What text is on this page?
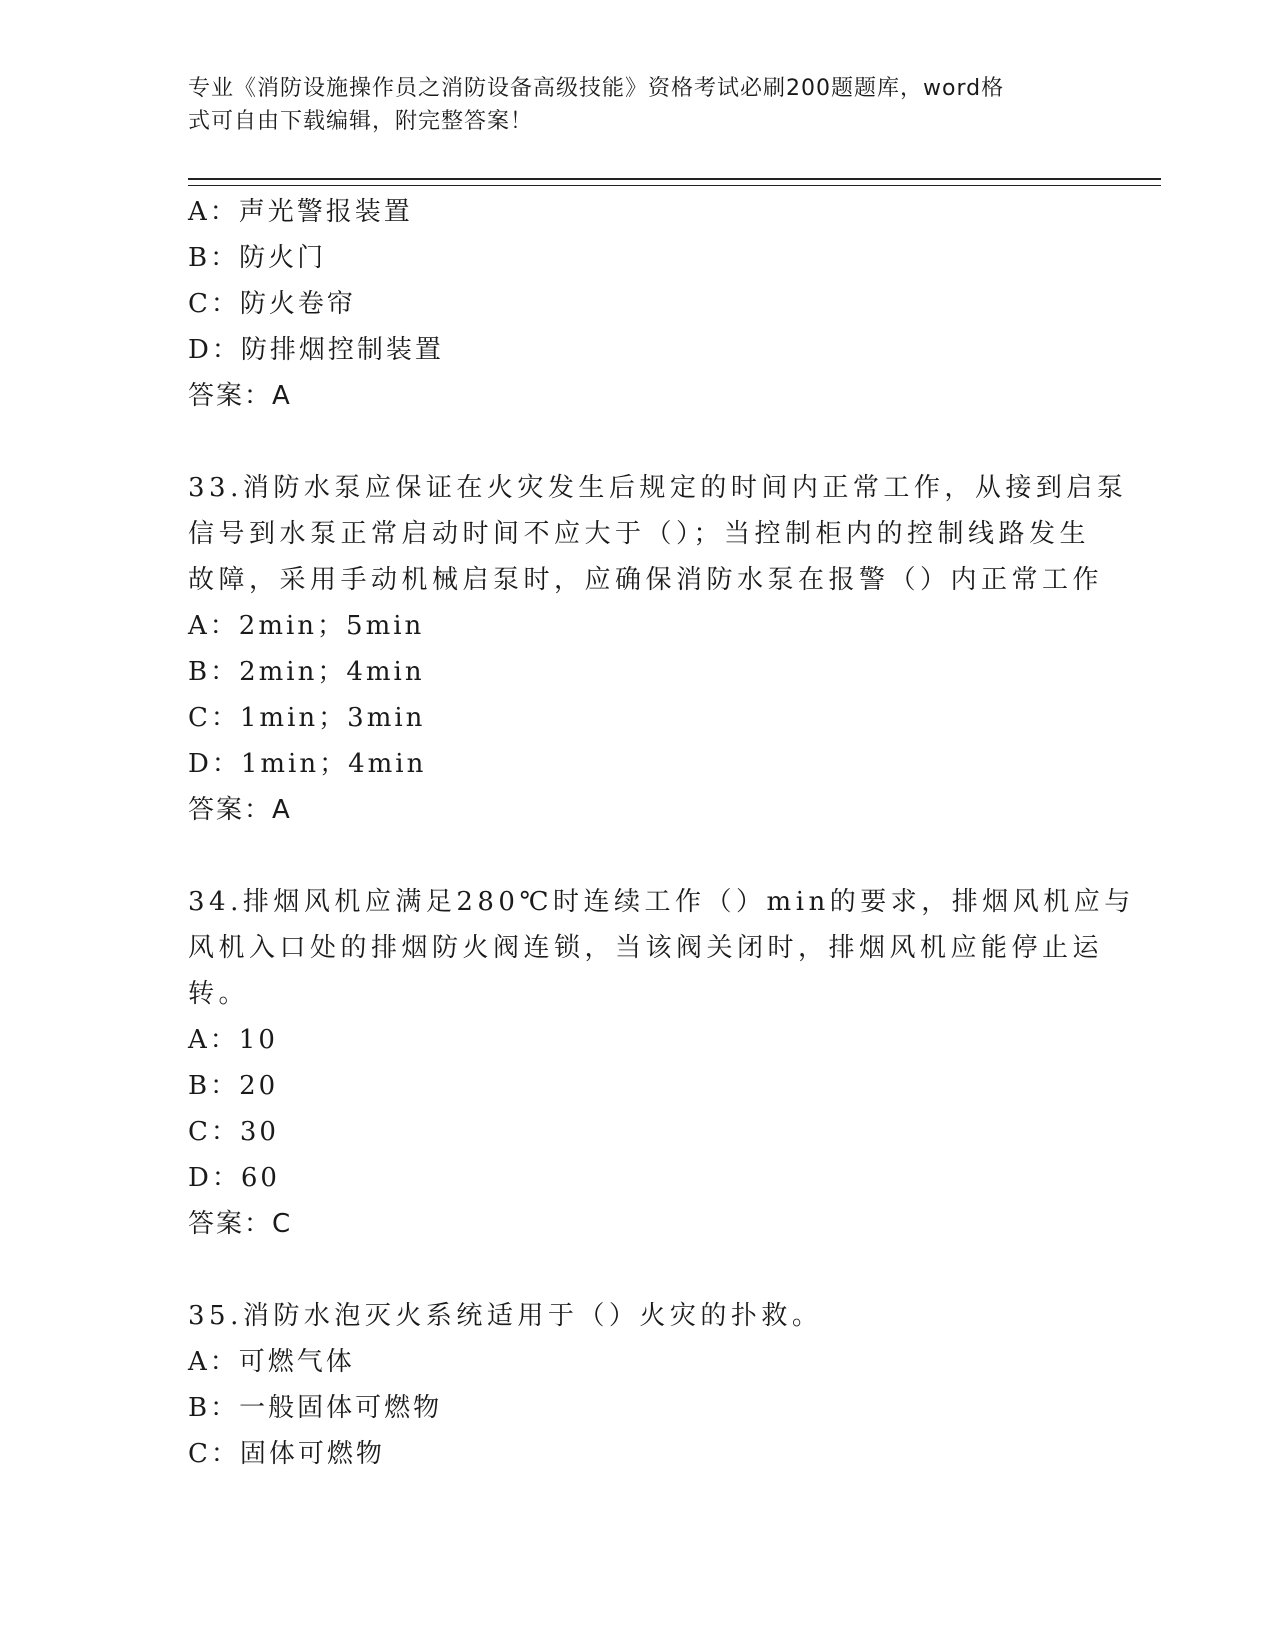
专业《消防设施操作员之消防设备高级技能》资格考试必刷200题题库，word格
式可自由下载编辑，附完整答案！
A：声光警报装置
B：防火门
C：防火卷帘
D：防排烟控制装置
答案：A
33.消防水泵应保证在火灾发生后规定的时间内正常工作，从接到启泵
信号到水泵正常启动时间不应大于（）；当控制柜内的控制线路发生
故障，采用手动机械启泵时，应确保消防水泵在报警（）内正常工作
A：2min；5min
B：2min；4min
C：1min；3min
D：1min；4min
答案：A
34.排烟风机应满足280℃时连续工作（）min的要求，排烟风机应与
风机入口处的排烟防火阀连锁，当该阀关闭时，排烟风机应能停止运
转。
A：10
B：20
C：30
D：60
答案：C
35.消防水泡灭火系统适用于（）火灾的扑救。
A：可燃气体
B：一般固体可燃物
C：固体可燃物
